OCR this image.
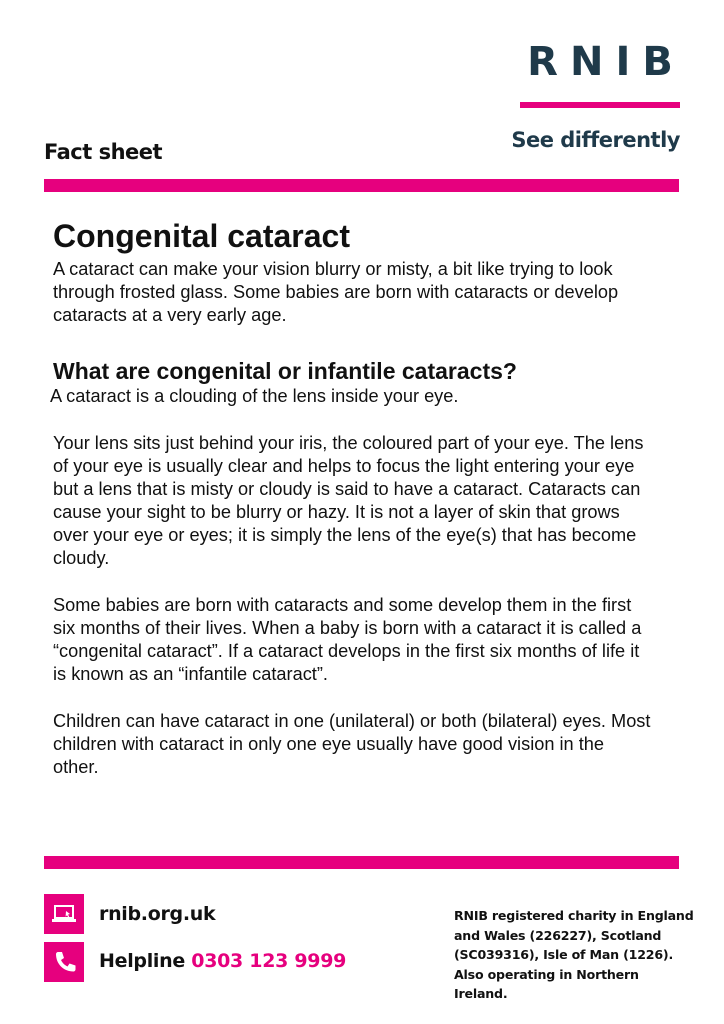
RNIB
See differently
Fact sheet
Congenital cataract

A cataract can make your vision blurry or misty, a bit like trying to look through frosted glass. Some babies are born with cataracts or develop cataracts at a very early age.

What are congenital or infantile cataracts?

A cataract is a clouding of the lens inside your eye.

Your lens sits just behind your iris, the coloured part of your eye. The lens of your eye is usually clear and helps to focus the light entering your eye but a lens that is misty or cloudy is said to have a cataract. Cataracts can cause your sight to be blurry or hazy. It is not a layer of skin that grows over your eye or eyes; it is simply the lens of the eye(s) that has become cloudy.

Some babies are born with cataracts and some develop them in the first six months of their lives. When a baby is born with a cataract it is called a “congenital cataract”. If a cataract develops in the first six months of life it is known as an “infantile cataract”.

Children can have cataract in one (unilateral) or both (bilateral) eyes. Most children with cataract in only one eye usually have good vision in the other.

rnib.org.uk
Helpline 0303 123 9999
RNIB registered charity in England
and Wales (226227), Scotland
(SC039316), Isle of Man (1226).
Also operating in Northern Ireland.
